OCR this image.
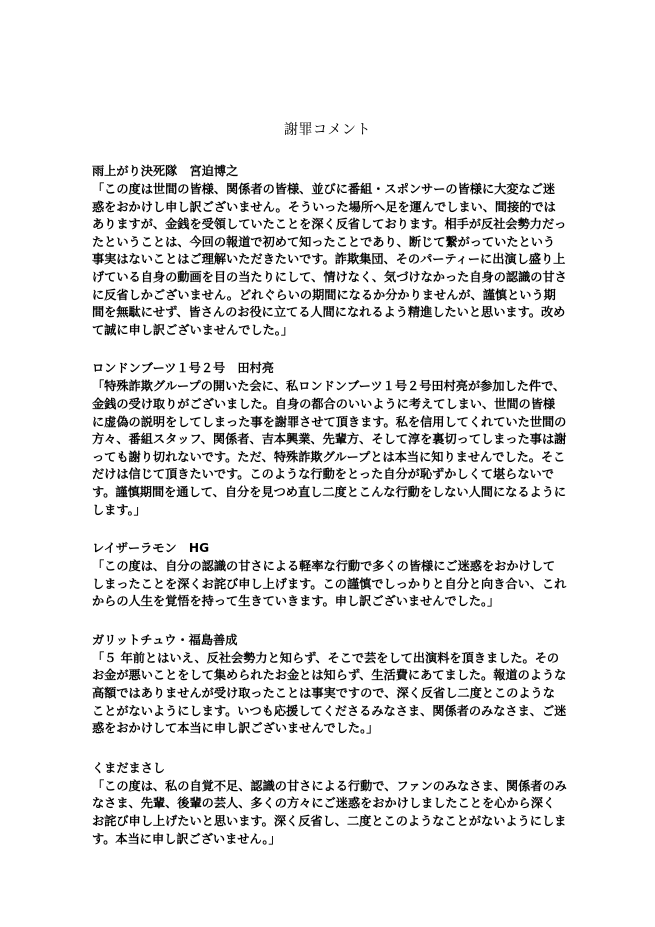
謝罪コメント
雨上がり決死隊　宮迫博之

「この度は世間の皆様、関係者の皆様、並びに番組・スポンサーの皆様に大変なご迷惑をおかけし申し訳ございません。そういった場所へ足を運んでしまい、間接的ではありますが、金銭を受領していたことを深く反省しております。相手が反社会勢力だったということは、今回の報道で初めて知ったことであり、断じて繋がっていたという事実はないことはご理解いただきたいです。詐欺集団、そのパーティーに出演し盛り上げている自身の動画を目の当たりにして、情けなく、気づけなかった自身の認識の甘さに反省しかございません。どれぐらいの期間になるか分かりませんが、謹慎という期間を無駄にせず、皆さんのお役に立てる人間になれるよう精進したいと思います。改めて誠に申し訳ございませんでした。」

ロンドンブーツ１号２号　田村亮

「特殊詐欺グループの開いた会に、私ロンドンブーツ１号２号田村亮が参加した件で、金銭の受け取りがございました。自身の都合のいいように考えてしまい、世間の皆様に虚偽の説明をしてしまった事を謝罪させて頂きます。私を信用してくれていた世間の方々、番組スタッフ、関係者、吉本興業、先輩方、そして淳を裏切ってしまった事は謝っても謝り切れないです。ただ、特殊詐欺グループとは本当に知りませんでした。そこだけは信じて頂きたいです。このような行動をとった自分が恥ずかしくて堪らないです。謹慎期間を通して、自分を見つめ直し二度とこんな行動をしない人間になるようにします。」

レイザーラモン　HG

「この度は、自分の認識の甘さによる軽率な行動で多くの皆様にご迷惑をおかけしてしまったことを深くお詫び申し上げます。この謹慎でしっかりと自分と向き合い、これからの人生を覚悟を持って生きていきます。申し訳ございませんでした。」

ガリットチュウ・福島善成

「５ 年前とはいえ、反社会勢力と知らず、そこで芸をして出演料を頂きました。そのお金が悪いことをして集められたお金とは知らず、生活費にあてました。報道のような高額ではありませんが受け取ったことは事実ですので、深く反省し二度とこのようなことがないようにします。いつも応援してくださるみなさま、関係者のみなさま、ご迷惑をおかけして本当に申し訳ございませんでした。」

くまだまさし

「この度は、私の自覚不足、認識の甘さによる行動で、ファンのみなさま、関係者のみなさま、先輩、後輩の芸人、多くの方々にご迷惑をおかけしましたことを心から深くお詫び申し上げたいと思います。深く反省し、二度とこのようなことがないようにします。本当に申し訳ございません。」
